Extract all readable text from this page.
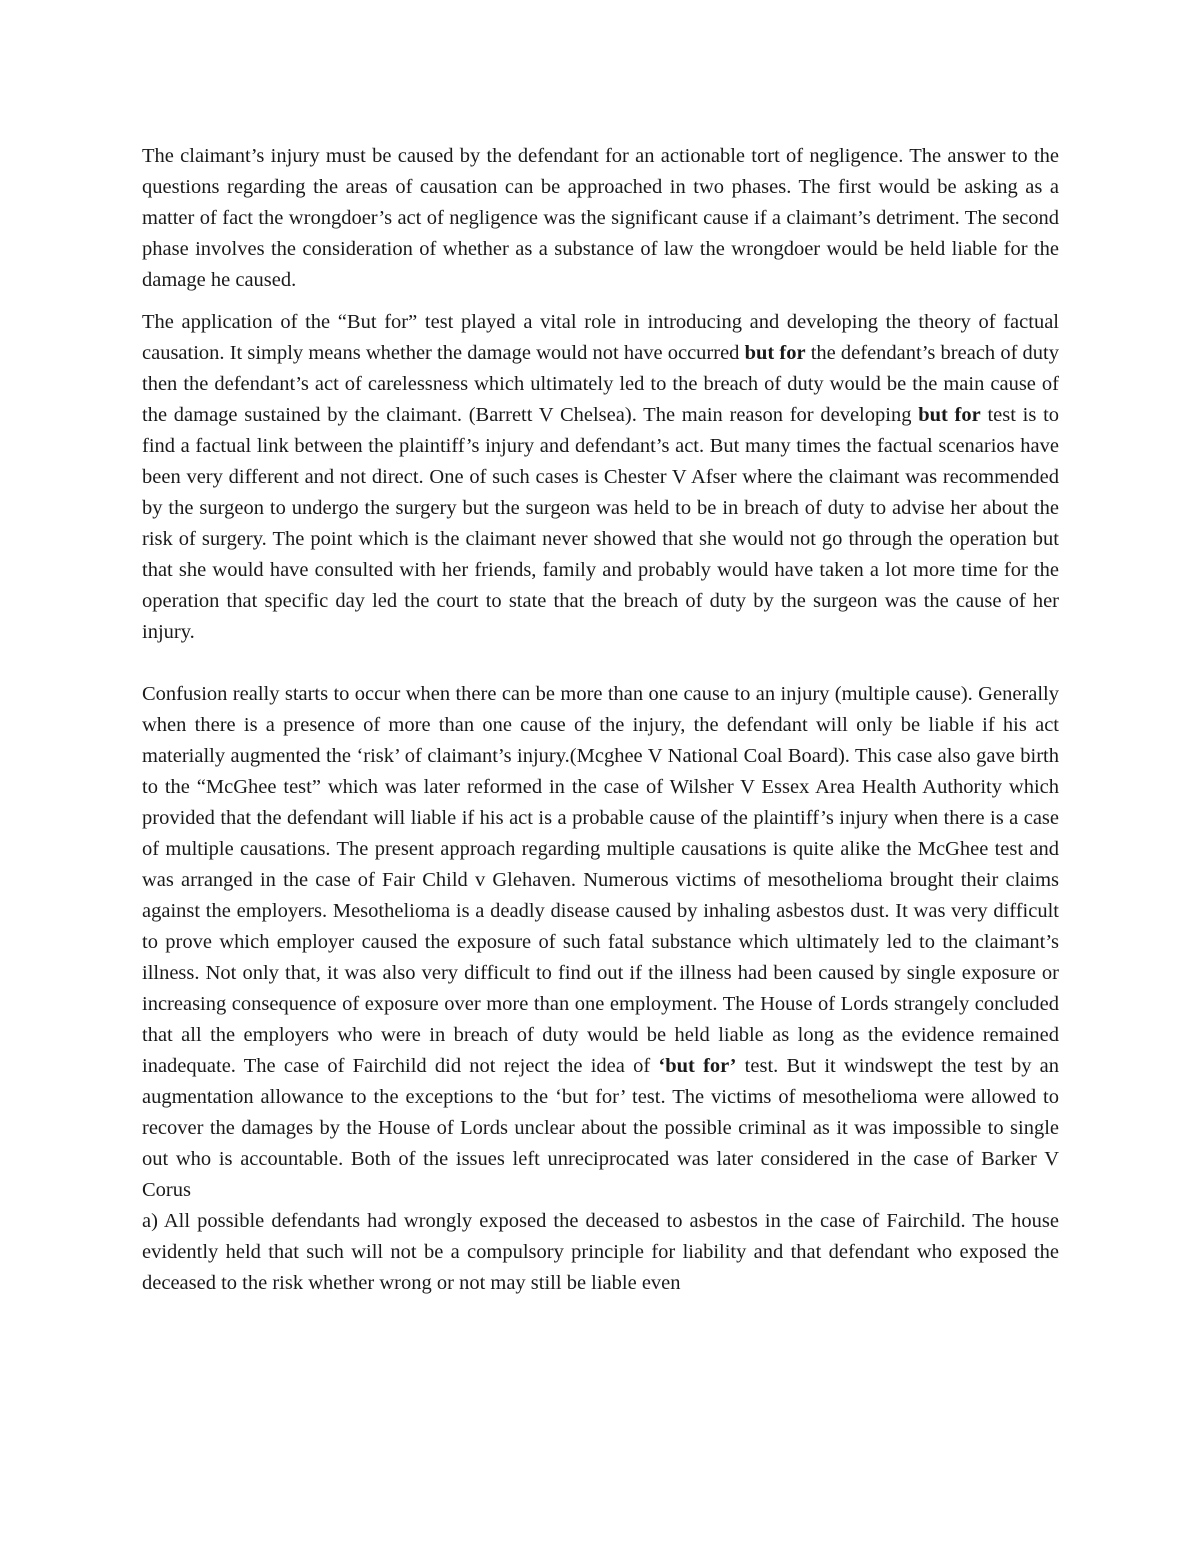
The claimant’s injury must be caused by the defendant for an actionable tort of negligence. The answer to the questions regarding the areas of causation can be approached in two phases. The first would be asking as a matter of fact the wrongdoer’s act of negligence was the significant cause if a claimant’s detriment. The second phase involves the consideration of whether as a substance of law the wrongdoer would be held liable for the damage he caused.

The application of the “But for” test played a vital role in introducing and developing the theory of factual causation. It simply means whether the damage would not have occurred but for the defendant’s breach of duty then the defendant’s act of carelessness which ultimately led to the breach of duty would be the main cause of the damage sustained by the claimant. (Barrett V Chelsea). The main reason for developing but for test is to find a factual link between the plaintiff’s injury and defendant’s act. But many times the factual scenarios have been very different and not direct. One of such cases is Chester V Afser where the claimant was recommended by the surgeon to undergo the surgery but the surgeon was held to be in breach of duty to advise her about the risk of surgery. The point which is the claimant never showed that she would not go through the operation but that she would have consulted with her friends, family and probably would have taken a lot more time for the operation that specific day led the court to state that the breach of duty by the surgeon was the cause of her injury.

Confusion really starts to occur when there can be more than one cause to an injury (multiple cause). Generally when there is a presence of more than one cause of the injury, the defendant will only be liable if his act materially augmented the ‘risk’ of claimant’s injury.(Mcghee V National Coal Board). This case also gave birth to the “McGhee test” which was later reformed in the case of Wilsher V Essex Area Health Authority which provided that the defendant will liable if his act is a probable cause of the plaintiff’s injury when there is a case of multiple causations. The present approach regarding multiple causations is quite alike the McGhee test and was arranged in the case of Fair Child v Glehaven. Numerous victims of mesothelioma brought their claims against the employers. Mesothelioma is a deadly disease caused by inhaling asbestos dust. It was very difficult to prove which employer caused the exposure of such fatal substance which ultimately led to the claimant’s illness. Not only that, it was also very difficult to find out if the illness had been caused by single exposure or increasing consequence of exposure over more than one employment. The House of Lords strangely concluded that all the employers who were in breach of duty would be held liable as long as the evidence remained inadequate. The case of Fairchild did not reject the idea of ‘but for’ test. But it windswept the test by an augmentation allowance to the exceptions to the ‘but for’ test. The victims of mesothelioma were allowed to recover the damages by the House of Lords unclear about the possible criminal as it was impossible to single out who is accountable. Both of the issues left unreciprocated was later considered in the case of Barker V Corus
a) All possible defendants had wrongly exposed the deceased to asbestos in the case of Fairchild. The house evidently held that such will not be a compulsory principle for liability and that defendant who exposed the deceased to the risk whether wrong or not may still be liable even
